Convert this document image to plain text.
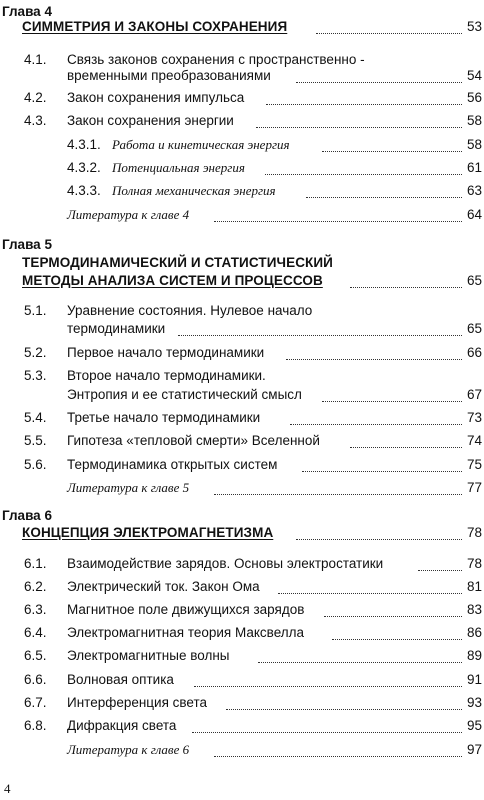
Глава 4
СИММЕТРИЯ И ЗАКОНЫ СОХРАНЕНИЯ	53
4.1. Связь законов сохранения с пространственно -
временными преобразованиями	54
4.2. Закон сохранения импульса	56
4.3. Закон сохранения энергии	58
4.3.1. Работа и кинетическая энергия	58
4.3.2. Потенциальная энергия	61
4.3.3. Полная механическая энергия	63
Литература к главе 4	64
Глава 5
ТЕРМОДИНАМИЧЕСКИЙ И СТАТИСТИЧЕСКИЙ
МЕТОДЫ АНАЛИЗА СИСТЕМ И ПРОЦЕССОВ	65
5.1. Уравнение состояния. Нулевое начало
термодинамики	65
5.2. Первое начало термодинамики	66
5.3. Второе начало термодинамики.
Энтропия и ее статистический смысл	67
5.4. Третье начало термодинамики	73
5.5. Гипотеза «тепловой смерти» Вселенной	74
5.6. Термодинамика открытых систем	75
Литература к главе 5	77
Глава 6
КОНЦЕПЦИЯ ЭЛЕКТРОМАГНЕТИЗМА	78
6.1. Взаимодействие зарядов. Основы электростатики	78
6.2. Электрический ток. Закон Ома	81
6.3. Магнитное поле движущихся зарядов	83
6.4. Электромагнитная теория Максвелла	86
6.5. Электромагнитные волны	89
6.6. Волновая оптика	91
6.7. Интерференция света	93
6.8. Дифракция света	95
Литература к главе 6	97
4
